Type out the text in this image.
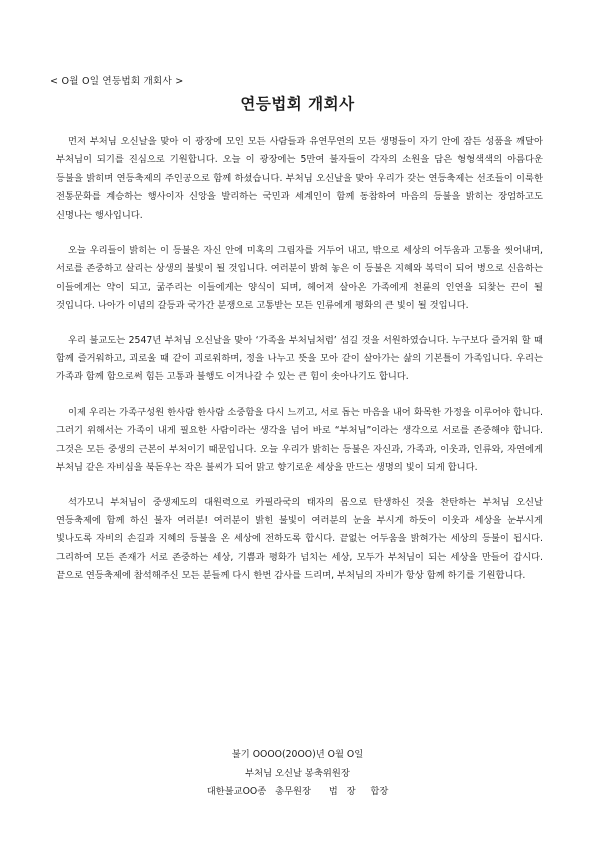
< O월 O일 연등법회 개회사 >
연등법회 개회사

먼저 부처님 오신날을 맞아 이 광장에 모인 모든 사람들과 유연무연의 모든 생명들이 자기 안에 잠든 성품을 깨달아 부처님이 되기를 진심으로 기원합니다. 오늘 이 광장에는 5만여 불자들이 각자의 소원을 담은 형형색색의 아름다운 등불을 밝히며 연등축제의 주인공으로 함께 하셨습니다. 부처님 오신날을 맞아 우리가 갖는 연등축제는 선조들이 이룩한 전통문화를 계승하는 행사이자 신앙을 발리하는 국민과 세계인이 함께 동참하여 마음의 등불을 밝히는 장엄하고도 신명나는 행사입니다.

오늘 우리들이 밝히는 이 등불은 자신 안에 미혹의 그림자를 거두어 내고, 밖으로 세상의 어두움과 고통을 씻어내며, 서로를 존중하고 살리는 상생의 불빛이 될 것입니다. 여러분이 밝혀 놓은 이 등불은 지혜와 복덕이 되어 병으로 신음하는 이들에게는 약이 되고, 굶주리는 이들에게는 양식이 되며, 헤어져 살아온 가족에게 천륜의 인연을 되찾는 끈이 될 것입니다. 나아가 이념의 갈등과 국가간 분쟁으로 고통받는 모든 인류에게 평화의 큰 빛이 될 것입니다.

우리 불교도는 2547년 부처님 오신날을 맞아 ‘가족을 부처님처럼’ 섬길 것을 서원하였습니다. 누구보다 즐거워 할 때 함께 즐거워하고, 괴로울 때 같이 괴로워하며, 정을 나누고 뜻을 모아 같이 살아가는 삶의 기본틀이 가족입니다. 우리는 가족과 함께 함으로써 힘든 고통과 불행도 이겨나갈 수 있는 큰 힘이 솟아나기도 합니다.

이제 우리는 가족구성원 한사람 한사람 소중함을 다시 느끼고, 서로 돕는 마음을 내어 화목한 가정을 이루어야 합니다. 그러기 위해서는 가족이 내게 필요한 사람이라는 생각을 넘어 바로 “부처님”이라는 생각으로 서로를 존중해야 합니다. 그것은 모든 중생의 근본이 부처이기 때문입니다. 오늘 우리가 밝히는 등불은 자신과, 가족과, 이웃과, 인류와, 자연에게 부처님 같은 자비심을 북돋우는 작은 불씨가 되어 맑고 향기로운 세상을 만드는 생명의 빛이 되게 합니다.

석가모니 부처님이 중생제도의 대원력으로 카필라국의 태자의 몸으로 탄생하신 것을 찬탄하는 부처님 오신날 연등축제에 함께 하신 불자 여러분! 여러분이 밝힌 불빛이 여러분의 눈을 부시게 하듯이 이웃과 세상을 눈부시게 빛나도록 자비의 손길과 지혜의 등불을 온 세상에 전하도록 합시다. 끝없는 어두움을 밝혀가는 세상의 등불이 됩시다. 그리하여 모든 존재가 서로 존중하는 세상, 기쁨과 평화가 넘치는 세상, 모두가 부처님이 되는 세상을 만들어 갑시다. 끝으로 연등축제에 참석해주신 모든 분들께 다시 한번 감사를 드리며, 부처님의 자비가 항상 함께 하기를 기원합니다.

불기 OOOO(20OO)년 O월 O일
부처님 오신날 봉축위원장
대한불교OO종   총무원장      법   장     합장
